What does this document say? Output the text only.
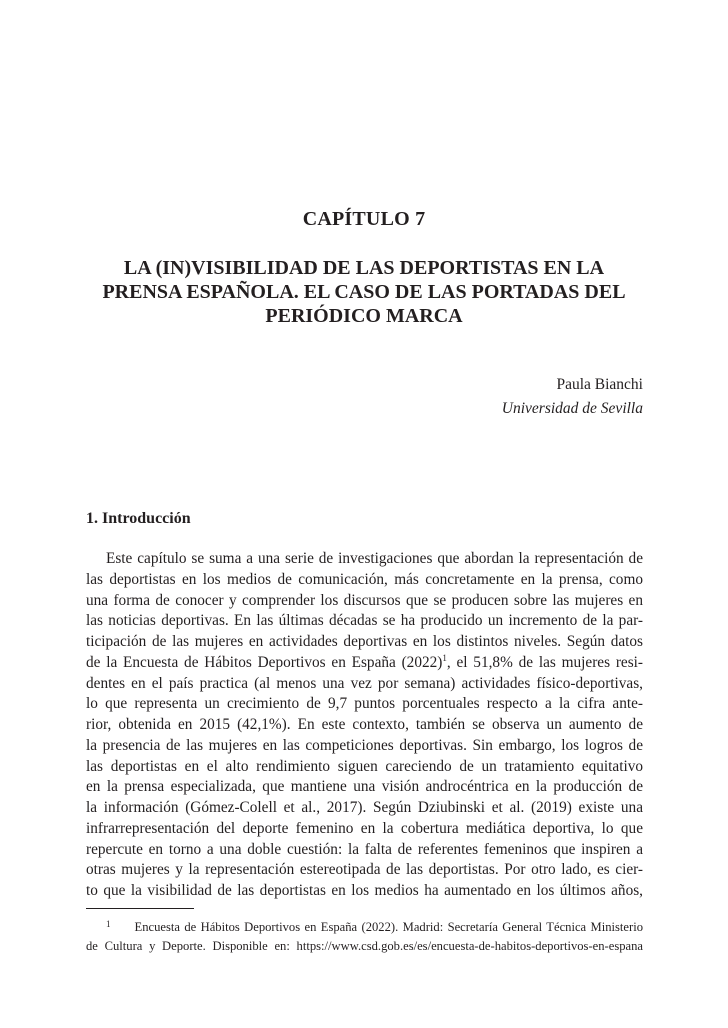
CAPÍTULO 7
LA (IN)VISIBILIDAD DE LAS DEPORTISTAS EN LA
PRENSA ESPAÑOLA. EL CASO DE LAS PORTADAS DEL
PERIÓDICO MARCA
Paula Bianchi
Universidad de Sevilla
1. Introducción
Este capítulo se suma a una serie de investigaciones que abordan la representación de
las deportistas en los medios de comunicación, más concretamente en la prensa, como
una forma de conocer y comprender los discursos que se producen sobre las mujeres en
las noticias deportivas. En las últimas décadas se ha producido un incremento de la par-
ticipación de las mujeres en actividades deportivas en los distintos niveles. Según datos
de la Encuesta de Hábitos Deportivos en España (2022)$^1$, el 51,8% de las mujeres resi-
dentes en el país practica (al menos una vez por semana) actividades físico-deportivas,
lo que representa un crecimiento de 9,7 puntos porcentuales respecto a la cifra ante-
rior, obtenida en 2015 (42,1%). En este contexto, también se observa un aumento de
la presencia de las mujeres en las competiciones deportivas. Sin embargo, los logros de
las deportistas en el alto rendimiento siguen careciendo de un tratamiento equitativo
en la prensa especializada, que mantiene una visión androcéntrica en la producción de
la información (Gómez-Colell et al., 2017). Según Dziubinski et al. (2019) existe una
infrarrepresentación del deporte femenino en la cobertura mediática deportiva, lo que
repercute en torno a una doble cuestión: la falta de referentes femeninos que inspiren a
otras mujeres y la representación estereotipada de las deportistas. Por otro lado, es cier-
to que la visibilidad de las deportistas en los medios ha aumentado en los últimos años,
$^1$ Encuesta de Hábitos Deportivos en España (2022). Madrid: Secretaría General Técnica Ministerio
de Cultura y Deporte. Disponible en: https://www.csd.gob.es/es/encuesta-de-habitos-deportivos-en-espana
